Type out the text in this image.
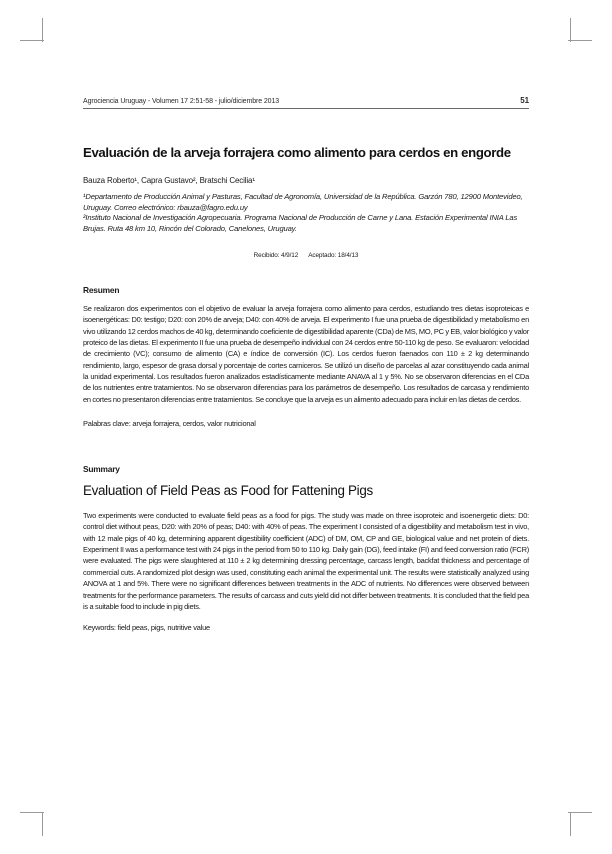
Agrociencia Uruguay - Volumen 17 2:51-58 - julio/diciembre 2013	51
Evaluación de la arveja forrajera como alimento para cerdos en engorde
Bauza Roberto¹, Capra Gustavo², Bratschi Cecilia¹

¹Departamento de Producción Animal y Pasturas, Facultad de Agronomía, Universidad de la República. Garzón 780, 12900 Montevideo, Uruguay. Correo electrónico: rbauza@fagro.edu.uy

²Instituto Nacional de Investigación Agropecuaria. Programa Nacional de Producción de Carne y Lana. Estación Experimental INIA Las Brujas. Ruta 48 km 10, Rincón del Colorado, Canelones, Uruguay.

Recibido: 4/9/12 Aceptado: 18/4/13
Resumen
Se realizaron dos experimentos con el objetivo de evaluar la arveja forrajera como alimento para cerdos, estudiando tres dietas isoproteicas e isoenergéticas: D0: testigo; D20: con 20% de arveja; D40: con 40% de arveja. El experimento I fue una prueba de digestibilidad y metabolismo en vivo utilizando 12 cerdos machos de 40 kg, determinando coeficiente de digestibilidad aparente (CDa) de MS, MO, PC y EB, valor biológico y valor proteico de las dietas. El experimento II fue una prueba de desempeño individual con 24 cerdos entre 50-110 kg de peso. Se evaluaron: velocidad de crecimiento (VC); consumo de alimento (CA) e índice de conversión (IC). Los cerdos fueron faenados con 110 ± 2 kg determinando rendimiento, largo, espesor de grasa dorsal y porcentaje de cortes carniceros. Se utilizó un diseño de parcelas al azar constituyendo cada animal la unidad experimental. Los resultados fueron analizados estadísticamente mediante ANAVA al 1 y 5%. No se observaron diferencias en el CDa de los nutrientes entre tratamientos. No se observaron diferencias para los parámetros de desempeño. Los resultados de carcasa y rendimiento en cortes no presentaron diferencias entre tratamientos. Se concluye que la arveja es un alimento adecuado para incluir en las dietas de cerdos.
Palabras clave: arveja forrajera, cerdos, valor nutricional
Summary
Evaluation of Field Peas as Food for Fattening Pigs
Two experiments were conducted to evaluate field peas as a food for pigs. The study was made on three isoproteic and isoenergetic diets: D0: control diet without peas, D20: with 20% of peas; D40: with 40% of peas. The experiment I consisted of a digestibility and metabolism test in vivo, with 12 male pigs of 40 kg, determining apparent digestibility coefficient (ADC) of DM, OM, CP and GE, biological value and net protein of diets. Experiment II was a performance test with 24 pigs in the period from 50 to 110 kg. Daily gain (DG), feed intake (FI) and feed conversion ratio (FCR) were evaluated. The pigs were slaughtered at 110 ± 2 kg determining dressing percentage, carcass length, backfat thickness and percentage of commercial cuts. A randomized plot design was used, constituting each animal the experimental unit. The results were statistically analyzed using ANOVA at 1 and 5%. There were no significant differences between treatments in the ADC of nutrients. No differences were observed between treatments for the performance parameters. The results of carcass and cuts yield did not differ between treatments. It is concluded that the field pea is a suitable food to include in pig diets.
Keywords: field peas, pigs, nutritive value
